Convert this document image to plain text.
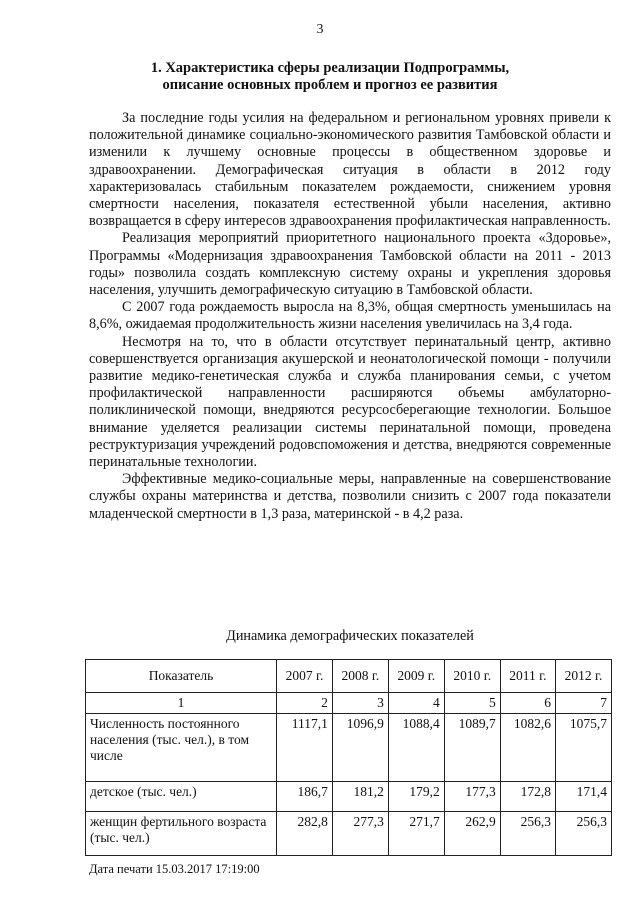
3
1. Характеристика сферы реализации Подпрограммы,
описание основных проблем и прогноз ее развития

За последние годы усилия на федеральном и региональном уровнях привели к положительной динамике социально-экономического развития Тамбовской области и изменили к лучшему основные процессы в общественном здоровье и здравоохранении. Демографическая ситуация в области в 2012 году характеризовалась стабильным показателем рождаемости, снижением уровня смертности населения, показателя естественной убыли населения, активно возвращается в сферу интересов здравоохранения профилактическая направленность.

Реализация мероприятий приоритетного национального проекта «Здоровье», Программы «Модернизация здравоохранения Тамбовской области на 2011 - 2013 годы» позволила создать комплексную систему охраны и укрепления здоровья населения, улучшить демографическую ситуацию в Тамбовской области.

С 2007 года рождаемость выросла на 8,3%, общая смертность уменьшилась на 8,6%, ожидаемая продолжительность жизни населения увеличилась на 3,4 года.

Несмотря на то, что в области отсутствует перинатальный центр, активно совершенствуется организация акушерской и неонатологической помощи - получили развитие медико-генетическая служба и служба планирования семьи, с учетом профилактической направленности расширяются объемы амбулаторно-поликлинической помощи, внедряются ресурсосберегающие технологии. Большое внимание уделяется реализации системы перинатальной помощи, проведена реструктуризация учреждений родовспоможения и детства, внедряются современные перинатальные технологии.

Эффективные медико-социальные меры, направленные на совершенствование службы охраны материнства и детства, позволили снизить с 2007 года показатели младенческой смертности в 1,3 раза, материнской - в 4,2 раза.

Динамика демографических показателей
Показатель	2007 г.	2008 г.	2009 г.	2010 г.	2011 г.	2012 г.
1	2	3	4	5	6	7
Численность постоянного населения (тыс. чел.), в том числе	1117,1	1096,9	1088,4	1089,7	1082,6	1075,7
детское (тыс. чел.)	186,7	181,2	179,2	177,3	172,8	171,4
женщин фертильного возраста (тыс. чел.)	282,8	277,3	271,7	262,9	256,3	256,3
Дата печати 15.03.2017 17:19:00
